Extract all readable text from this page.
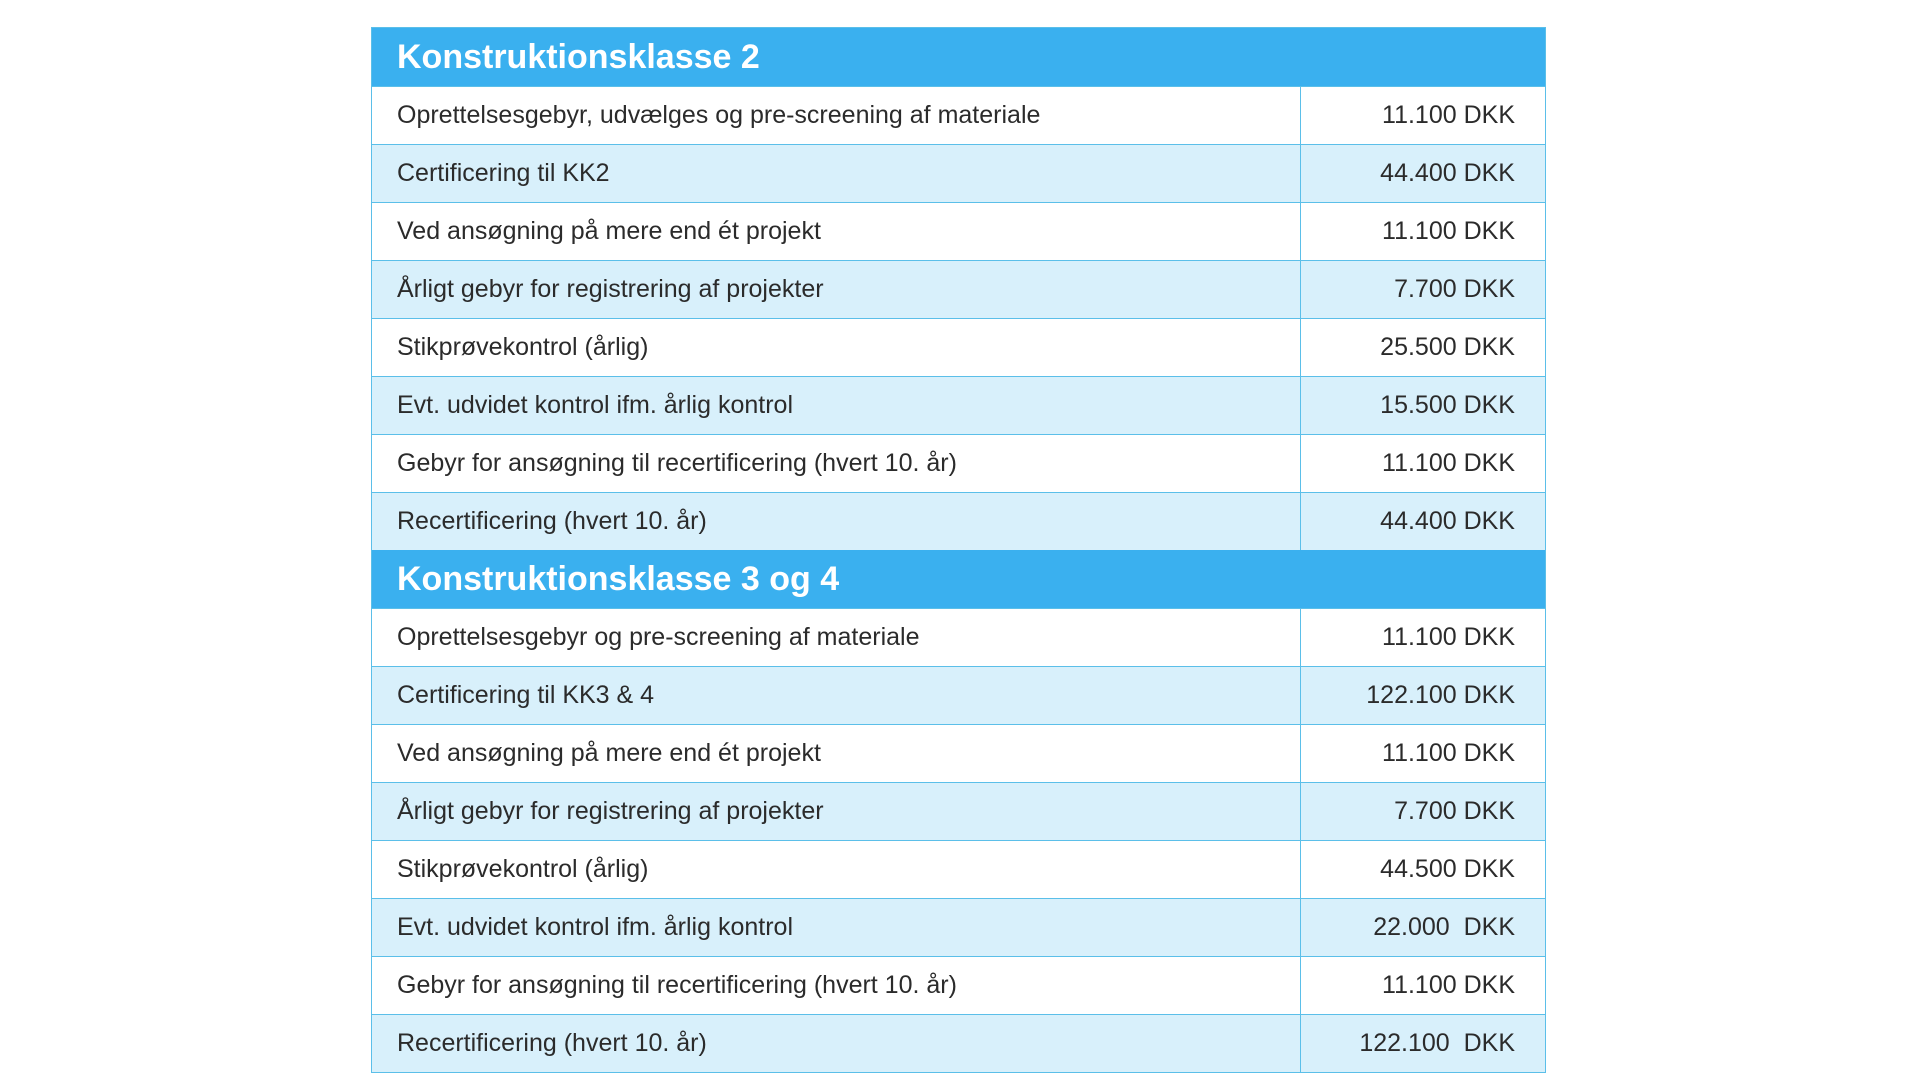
Konstruktionsklasse 2
Oprettelsesgebyr, udvælges og pre-screening af materiale	11.100 DKK
Certificering til KK2	44.400 DKK
Ved ansøgning på mere end ét projekt	11.100 DKK
Årligt gebyr for registrering af projekter	7.700 DKK
Stikprøvekontrol (årlig)	25.500 DKK
Evt. udvidet kontrol ifm. årlig kontrol	15.500 DKK
Gebyr for ansøgning til recertificering (hvert 10. år)	11.100 DKK
Recertificering (hvert 10. år)	44.400 DKK
Konstruktionsklasse 3 og 4
Oprettelsesgebyr og pre-screening af materiale	11.100 DKK
Certificering til KK3 & 4	122.100 DKK
Ved ansøgning på mere end ét projekt	11.100 DKK
Årligt gebyr for registrering af projekter	7.700 DKK
Stikprøvekontrol (årlig)	44.500 DKK
Evt. udvidet kontrol ifm. årlig kontrol	22.000  DKK
Gebyr for ansøgning til recertificering (hvert 10. år)	11.100 DKK
Recertificering (hvert 10. år)	122.100  DKK
